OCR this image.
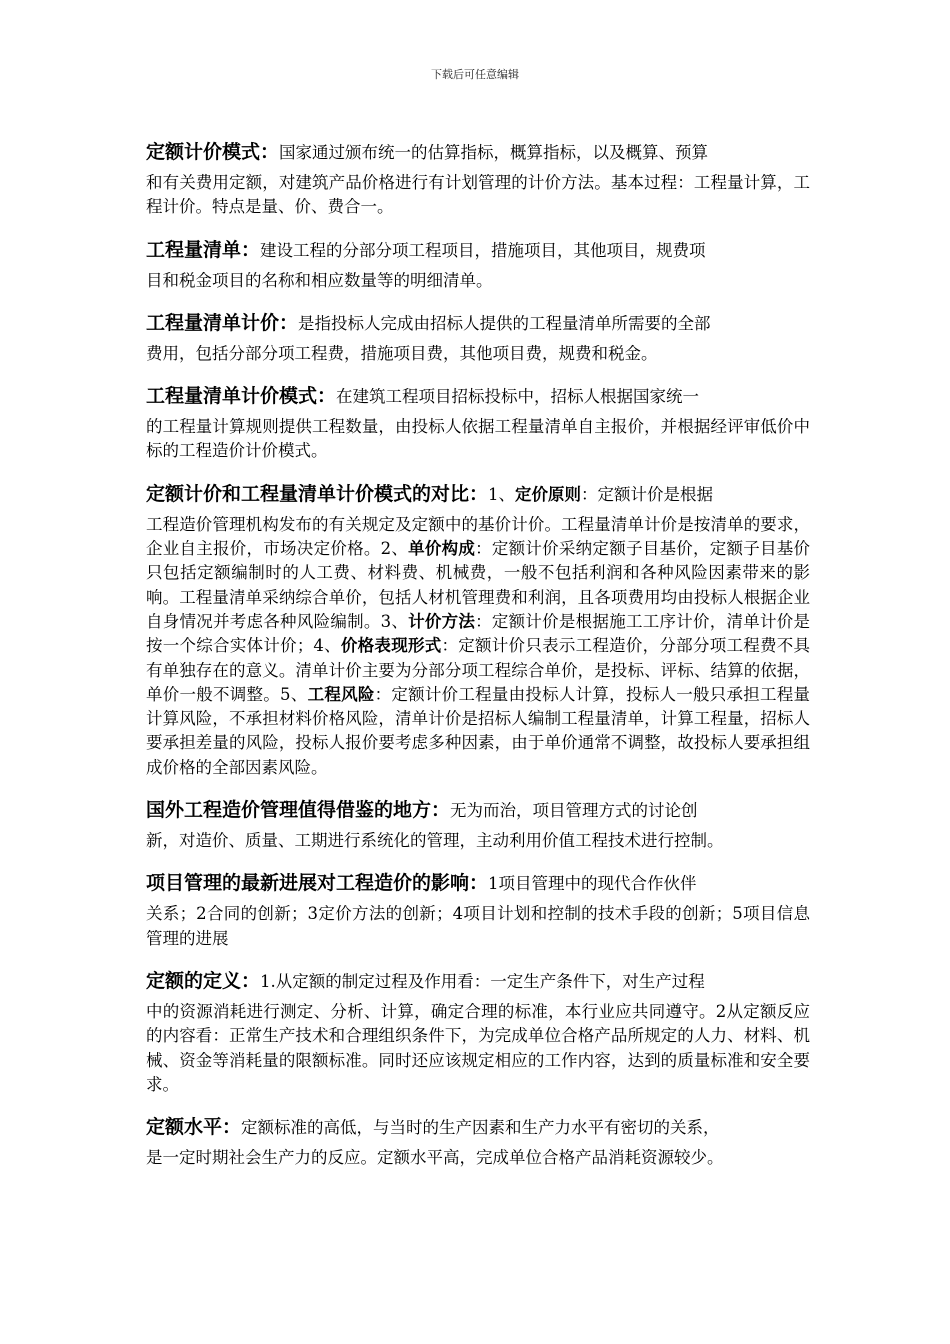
下载后可任意编辑

定额计价模式：国家通过颁布统一的估算指标，概算指标，以及概算、预算
和有关费用定额，对建筑产品价格进行有计划管理的计价方法。基本过程：工程量计算，工程计价。特点是量、价、费合一。

工程量清单：建设工程的分部分项工程项目，措施项目，其他项目，规费项
目和税金项目的名称和相应数量等的明细清单。

工程量清单计价：是指投标人完成由招标人提供的工程量清单所需要的全部
费用，包括分部分项工程费，措施项目费，其他项目费，规费和税金。

工程量清单计价模式：在建筑工程项目招标投标中，招标人根据国家统一
的工程量计算规则提供工程数量，由投标人依据工程量清单自主报价，并根据经评审低价中标的工程造价计价模式。

定额计价和工程量清单计价模式的对比：1、定价原则：定额计价是根据
工程造价管理机构发布的有关规定及定额中的基价计价。工程量清单计价是按清单的要求，企业自主报价，市场决定价格。2、单价构成：定额计价采纳定额子目基价，定额子目基价只包括定额编制时的人工费、材料费、机械费，一般不包括利润和各种风险因素带来的影响。工程量清单采纳综合单价，包括人材机管理费和利润，且各项费用均由投标人根据企业自身情况并考虑各种风险编制。3、计价方法：定额计价是根据施工工序计价，清单计价是按一个综合实体计价；4、价格表现形式：定额计价只表示工程造价，分部分项工程费不具有单独存在的意义。清单计价主要为分部分项工程综合单价，是投标、评标、结算的依据，单价一般不调整。5、工程风险：定额计价工程量由投标人计算，投标人一般只承担工程量计算风险，不承担材料价格风险，清单计价是招标人编制工程量清单，计算工程量，招标人要承担差量的风险，投标人报价要考虑多种因素，由于单价通常不调整，故投标人要承担组成价格的全部因素风险。

国外工程造价管理值得借鉴的地方：无为而治，项目管理方式的讨论创
新，对造价、质量、工期进行系统化的管理，主动利用价值工程技术进行控制。

项目管理的最新进展对工程造价的影响：1项目管理中的现代合作伙伴
关系；2合同的创新；3定价方法的创新；4项目计划和控制的技术手段的创新；5项目信息管理的进展

定额的定义：1.从定额的制定过程及作用看：一定生产条件下，对生产过程
中的资源消耗进行测定、分析、计算，确定合理的标准，本行业应共同遵守。2从定额反应的内容看：正常生产技术和合理组织条件下，为完成单位合格产品所规定的人力、材料、机械、资金等消耗量的限额标准。同时还应该规定相应的工作内容，达到的质量标准和安全要求。

定额水平：定额标准的高低，与当时的生产因素和生产力水平有密切的关系，
是一定时期社会生产力的反应。定额水平高，完成单位合格产品消耗资源较少。
